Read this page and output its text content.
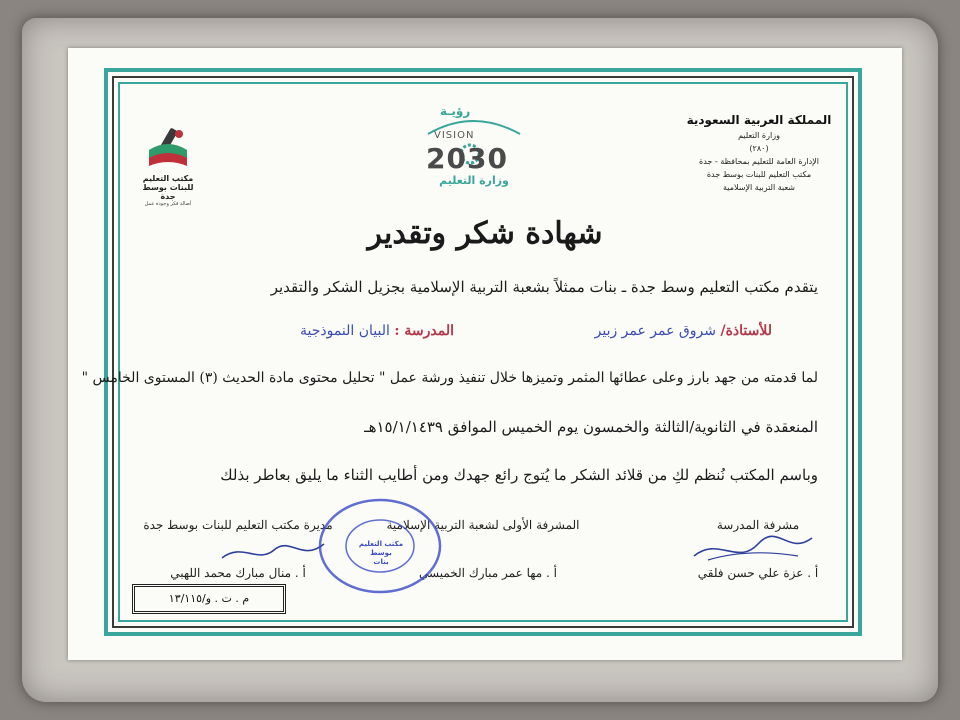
المملكة العربية السعودية
وزارة التعليم
(٢٨٠)
الإدارة العامة للتعليم بمحافظة - جدة
مكتب التعليم للبنات بوسط جدة
شعبة التربية الإسلامية
رؤيـة
VISION
2030
وزارة التعليم
مكتب التعليم
للبنات بوسط جدة
أصالة فكر وجودة عمل
شهادة شكر وتقدير
يتقدم مكتب التعليم وسط جدة ـ بنات ممثلاً بشعبة التربية الإسلامية بجزيل الشكر والتقدير
للأستاذة/ شروق عمر عمر زبير
المدرسة : البيان النموذجية
لما قدمته من جهد بارز وعلى عطائها المثمر وتميزها خلال تنفيذ ورشة عمل " تحليل محتوى مادة الحديث (٣) المستوى الخامس "
المنعقدة في الثانوية/الثالثة والخمسون يوم الخميس الموافق ١٥/١/١٤٣٩هـ
وباسم المكتب نُنظم لكِ من قلائد الشكر ما يُتوج رائع جهدك ومن أطايب الثناء ما يليق بعاطر بذلك
مشرفة المدرسة
أ . عزة علي حسن فلقي
المشرفة الأولى لشعبة التربية الإسلامية
أ . مها عمر مبارك الخميسي
مديرة مكتب التعليم للبنات بوسط جدة
أ . منال مبارك محمد اللهبي
مكتب التعليم بوسط
بنات
م . ت . و/١٣/١١٥
